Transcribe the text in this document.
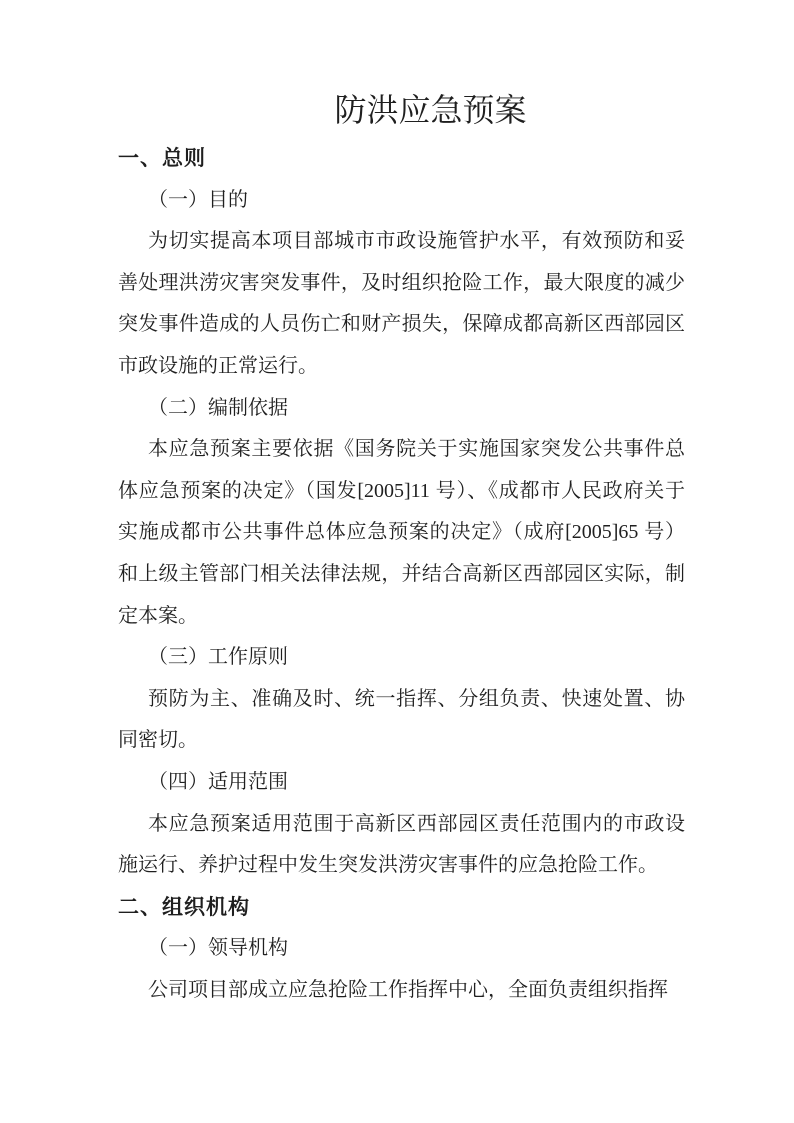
防洪应急预案
一、总则
（一）目的

为切实提高本项目部城市市政设施管护水平，有效预防和妥善处理洪涝灾害突发事件，及时组织抢险工作，最大限度的减少突发事件造成的人员伤亡和财产损失，保障成都高新区西部园区市政设施的正常运行。

（二）编制依据

本应急预案主要依据《国务院关于实施国家突发公共事件总体应急预案的决定》（国发[2005]11 号）、《成都市人民政府关于实施成都市公共事件总体应急预案的决定》（成府[2005]65 号）和上级主管部门相关法律法规，并结合高新区西部园区实际，制定本案。

（三）工作原则

预防为主、准确及时、统一指挥、分组负责、快速处置、协同密切。

（四）适用范围

本应急预案适用范围于高新区西部园区责任范围内的市政设施运行、养护过程中发生突发洪涝灾害事件的应急抢险工作。

二、组织机构
（一）领导机构

公司项目部成立应急抢险工作指挥中心，全面负责组织指挥
